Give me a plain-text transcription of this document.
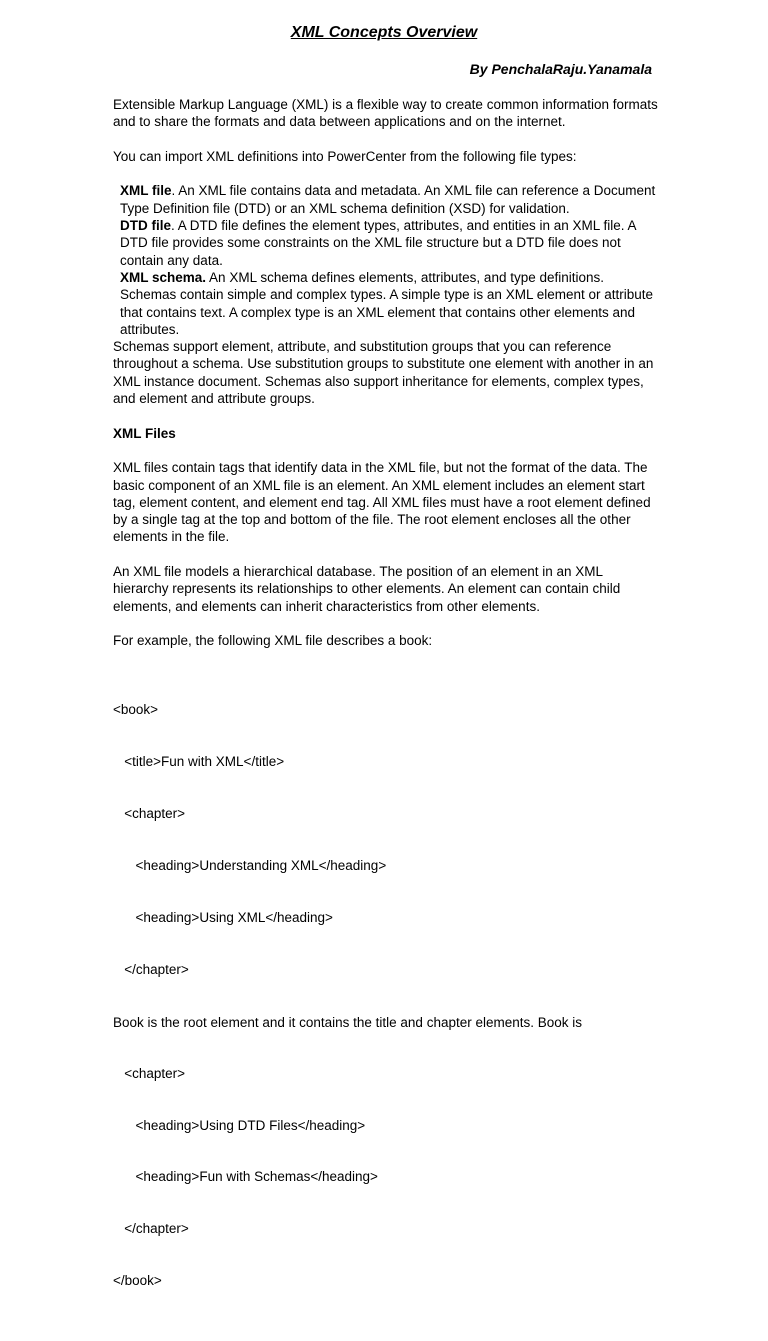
XML Concepts Overview
By PenchalaRaju.Yanamala

Extensible Markup Language (XML) is a flexible way to create common information formats and to share the formats and data between applications and on the internet.

You can import XML definitions into PowerCenter from the following file types:

XML file. An XML file contains data and metadata. An XML file can reference a Document Type Definition file (DTD) or an XML schema definition (XSD) for validation.

DTD file. A DTD file defines the element types, attributes, and entities in an XML file. A DTD file provides some constraints on the XML file structure but a DTD file does not contain any data.

XML schema. An XML schema defines elements, attributes, and type definitions. Schemas contain simple and complex types. A simple type is an XML element or attribute that contains text. A complex type is an XML element that contains other elements and attributes.

Schemas support element, attribute, and substitution groups that you can reference throughout a schema. Use substitution groups to substitute one element with another in an XML instance document. Schemas also support inheritance for elements, complex types, and element and attribute groups.

XML Files

XML files contain tags that identify data in the XML file, but not the format of the data. The basic component of an XML file is an element. An XML element includes an element start tag, element content, and element end tag. All XML files must have a root element defined by a single tag at the top and bottom of the file. The root element encloses all the other elements in the file.

An XML file models a hierarchical database. The position of an element in an XML hierarchy represents its relationships to other elements. An element can contain child elements, and elements can inherit characteristics from other elements.

For example, the following XML file describes a book:

<book>

<title>Fun with XML</title>

<chapter>

<heading>Understanding XML</heading>

<heading>Using XML</heading>

</chapter>

<chapter>

<heading>Using DTD Files</heading>

<heading>Fun with Schemas</heading>

</chapter>

</book>

Book is the root element and it contains the title and chapter elements. Book is
